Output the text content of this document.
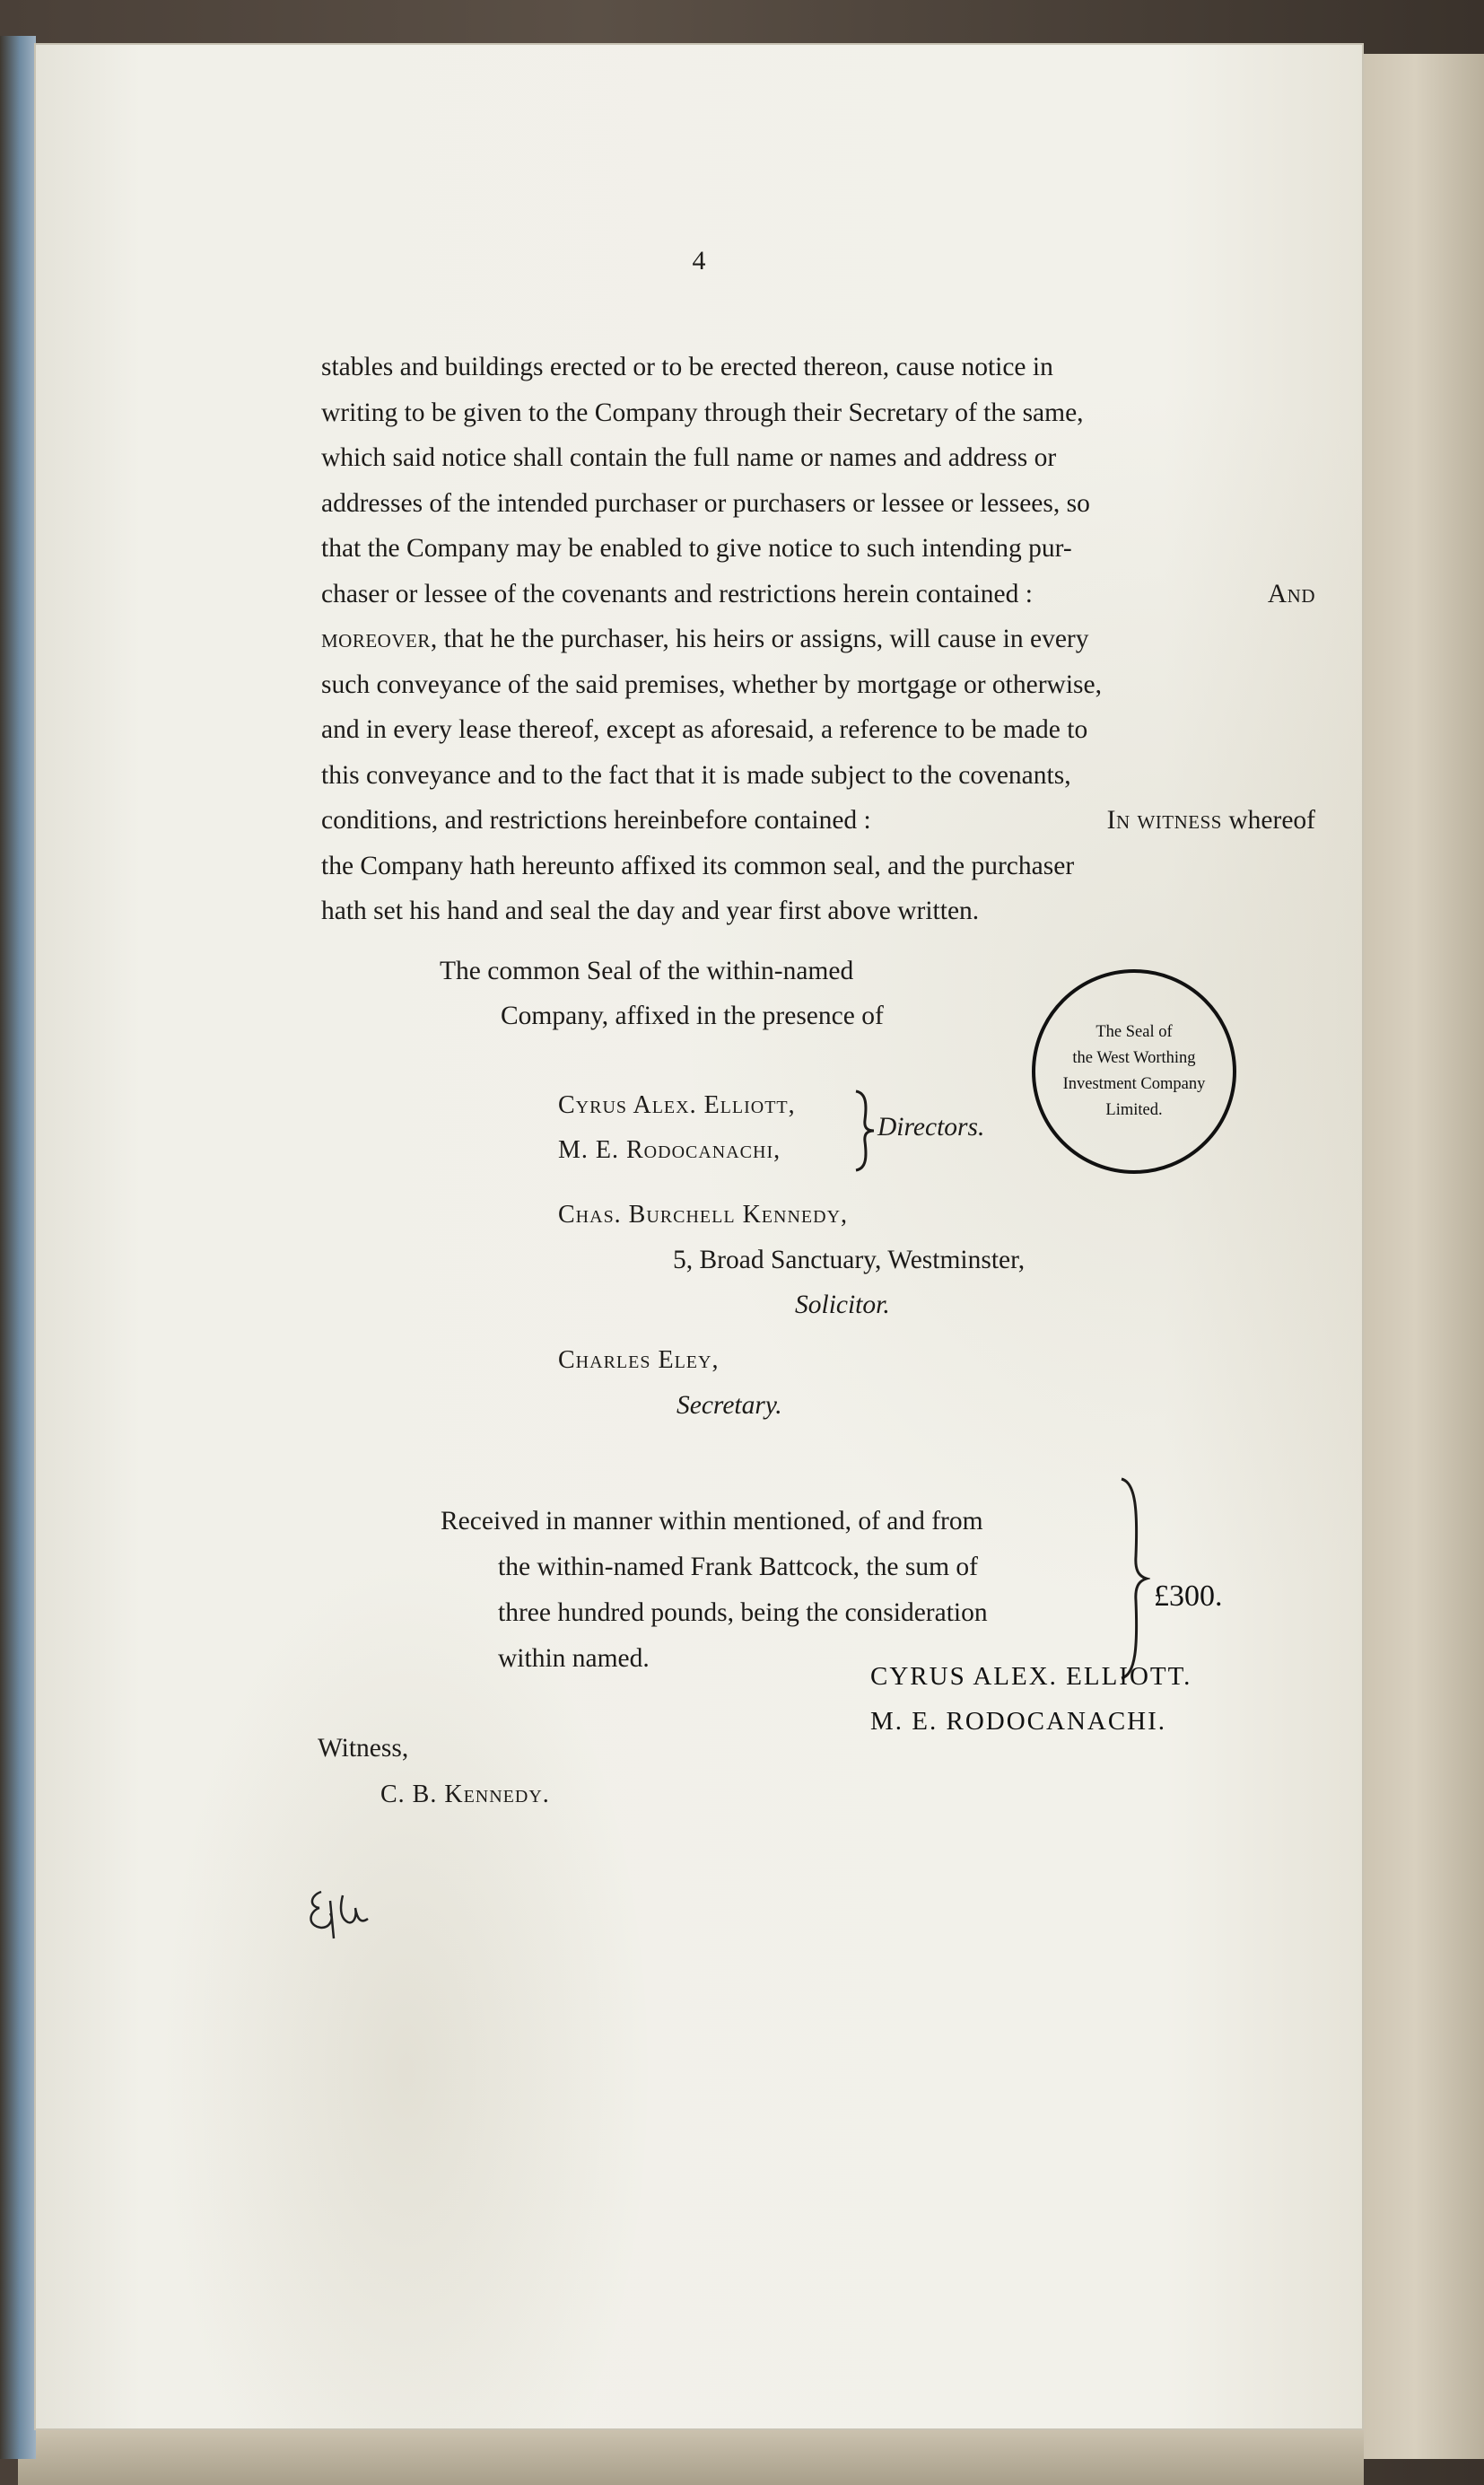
4

stables and buildings erected or to be erected thereon, cause notice in

writing to be given to the Company through their Secretary of the same,

which said notice shall contain the full name or names and address or

addresses of the intended purchaser or purchasers or lessee or lessees, so

that the Company may be enabled to give notice to such intending pur-

chaser or lessee of the covenants and restrictions herein contained :	And

moreover, that he the purchaser, his heirs or assigns, will cause in every

such conveyance of the said premises, whether by mortgage or otherwise,

and in every lease thereof, except as aforesaid, a reference to be made to

this conveyance and to the fact that it is made subject to the covenants,

conditions, and restrictions hereinbefore contained :	In witness whereof

the Company hath hereunto affixed its common seal, and the purchaser

hath set his hand and seal the day and year first above written.

The common Seal of the within-named
Company, affixed in the presence of
Cyrus Alex. Elliott,
M. E. Rodocanachi,
Directors.
The Seal of
the West Worthing
Investment Company
Limited.
Chas. Burchell Kennedy,
5, Broad Sanctuary, Westminster,
Solicitor.
Charles Eley,
Secretary.
Received in manner within mentioned, of and from
the within-named Frank Battcock, the sum of
three hundred pounds, being the consideration
within named.
£300.
CYRUS ALEX. ELLIOTT.
M. E. RODOCANACHI.
Witness,
C. B. Kennedy.
